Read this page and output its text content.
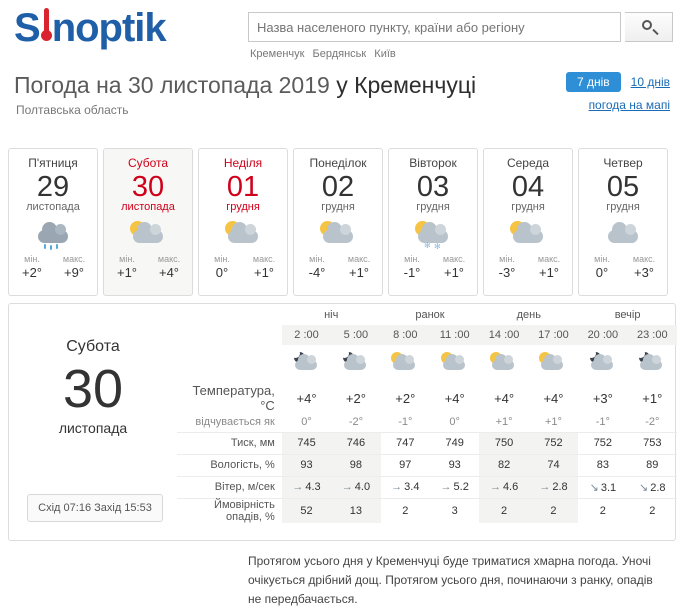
S noptik
Назва населеного пункту, країни або регіону
Кременчук Бердянськ Київ
Погода на 30 листопада 2019 у Кременчуці
Полтавська область
7 днів 10 днів
погода на мапі
П'ятниця
29
листопада
мін.	макс.
+2° +9°
Субота
30
листопада
мін.	макс.
+1° +4°
Неділя
01
грудня
мін.	макс.
0° +1°
Понеділок
02
грудня
мін.	макс.
-4° +1°
Вівторок
03
грудня
✻ ✻
мін.	макс.
-1° +1°
Середа
04
грудня
мін.	макс.
-3° +1°
Четвер
05
грудня
мін.	макс.
0° +3°
Субота
30
листопада
Схід 07:16 Захід 15:53
	ніч		ранок		день		вечір	
	2 :00	5 :00	8 :00	11 :00	14 :00	17 :00	20 :00	23 :00

Температура, °C	+4°	+2°	+2°	+4°	+4°	+4°	+3°	+1°
відчувається як	0°	-2°	-1°	0°	+1°	+1°	-1°	-2°
Тиск, мм	745	746	747	749	750	752	752	753
Вологість, %	93	98	97	93	82	74	83	89
Вітер, м/сек	→ 4.3	→ 4.0	→ 3.4	→ 5.2	→ 4.6	→ 2.8	↘ 3.1	↘ 2.8
Ймовірність опадів, %	52	13	2	3	2	2	2	2
Протягом усього дня у Кременчуці буде триматися хмарна погода. Уночі очікується дрібний дощ. Протягом усього дня, починаючи з ранку, опадів не передбачається.
